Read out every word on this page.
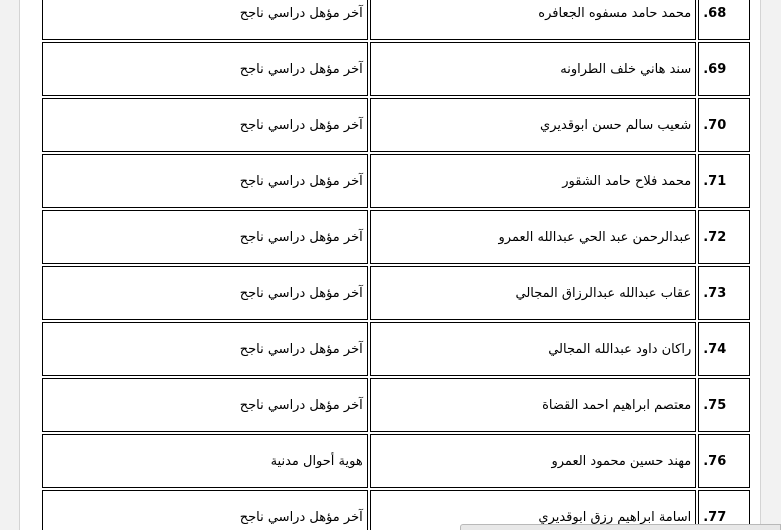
.68	محمد حامد مسفوه الجعافره	آخر مؤهل دراسي ناجح
.69	سند هاني خلف الطراونه	آخر مؤهل دراسي ناجح
.70	شعيب سالم حسن ابوقديري	آخر مؤهل دراسي ناجح
.71	محمد فلاح حامد الشقور	آخر مؤهل دراسي ناجح
.72	عبدالرحمن عبد الحي عبدالله العمرو	آخر مؤهل دراسي ناجح
.73	عقاب عبدالله عبدالرزاق المجالي	آخر مؤهل دراسي ناجح
.74	راكان داود عبدالله المجالي	آخر مؤهل دراسي ناجح
.75	معتصم ابراهيم احمد القضاة	آخر مؤهل دراسي ناجح
.76	مهند حسين محمود العمرو	هوية أحوال مدنية
.77	اسامة ابراهيم رزق ابوقديري	آخر مؤهل دراسي ناجح
